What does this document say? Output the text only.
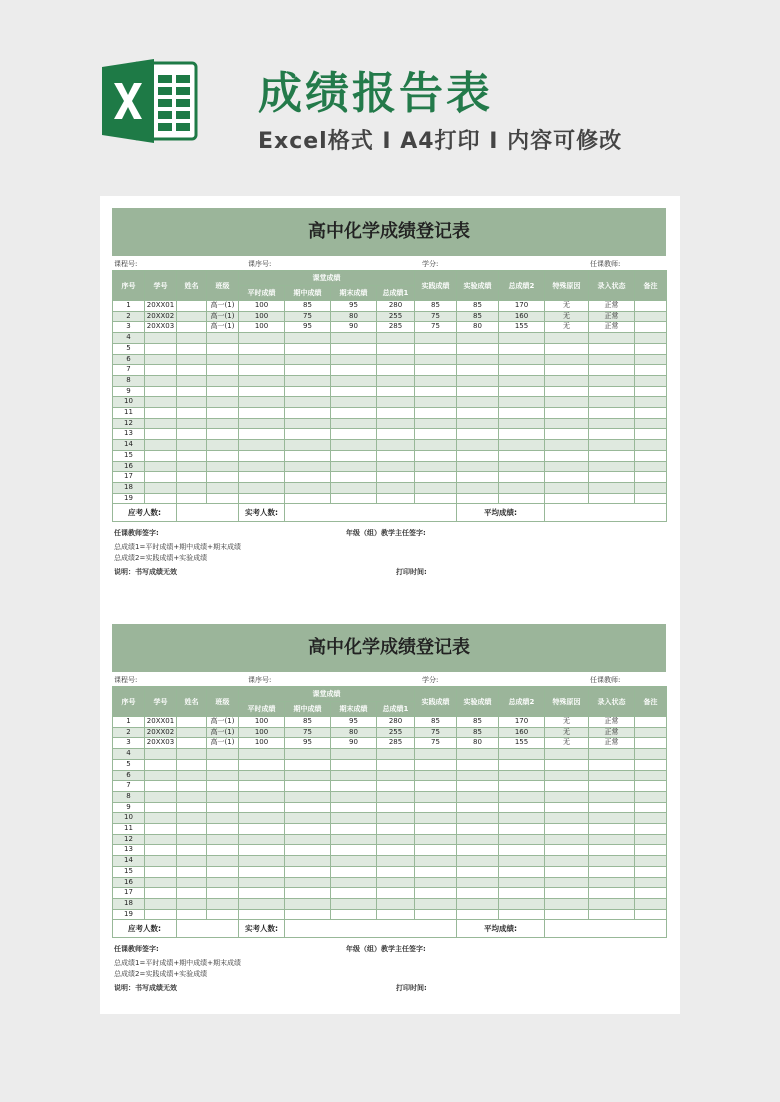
成绩报告表
Excel格式 I A4打印 I 内容可修改
高中化学成绩登记表
课程号:	课序号:	学分:	任课教师:
序号	学号	姓名	班级	课堂成绩				实践成绩	实验成绩	总成绩2	特殊原因	录入状态	备注
				平时成绩	期中成绩	期末成绩	总成绩1						
1	20XX01		高一(1)	100	85	95	280	85	85	170	无	正常	
2	20XX02		高一(1)	100	75	80	255	75	85	160	无	正常	
3	20XX03		高一(1)	100	95	90	285	75	80	155	无	正常	
4													
5													
6													
7													
8													
9													
10													
11													
12													
13													
14													
15													
16													
17													
18													
19													
应考人数:				实考人数:					平均成绩:				
任课教师签字:	年级（组）教学主任签字:
总成绩1=平时成绩+期中成绩+期末成绩
总成绩2=实践成绩+实验成绩
说明：书写成绩无效	打印时间:
高中化学成绩登记表
课程号:	课序号:	学分:	任课教师:
序号	学号	姓名	班级	课堂成绩				实践成绩	实验成绩	总成绩2	特殊原因	录入状态	备注
				平时成绩	期中成绩	期末成绩	总成绩1						
1	20XX01		高一(1)	100	85	95	280	85	85	170	无	正常	
2	20XX02		高一(1)	100	75	80	255	75	85	160	无	正常	
3	20XX03		高一(1)	100	95	90	285	75	80	155	无	正常	
4													
5													
6													
7													
8													
9													
10													
11													
12													
13													
14													
15													
16													
17													
18													
19													
应考人数:				实考人数:					平均成绩:				
任课教师签字:	年级（组）教学主任签字:
总成绩1=平时成绩+期中成绩+期末成绩
总成绩2=实践成绩+实验成绩
说明：书写成绩无效	打印时间:
